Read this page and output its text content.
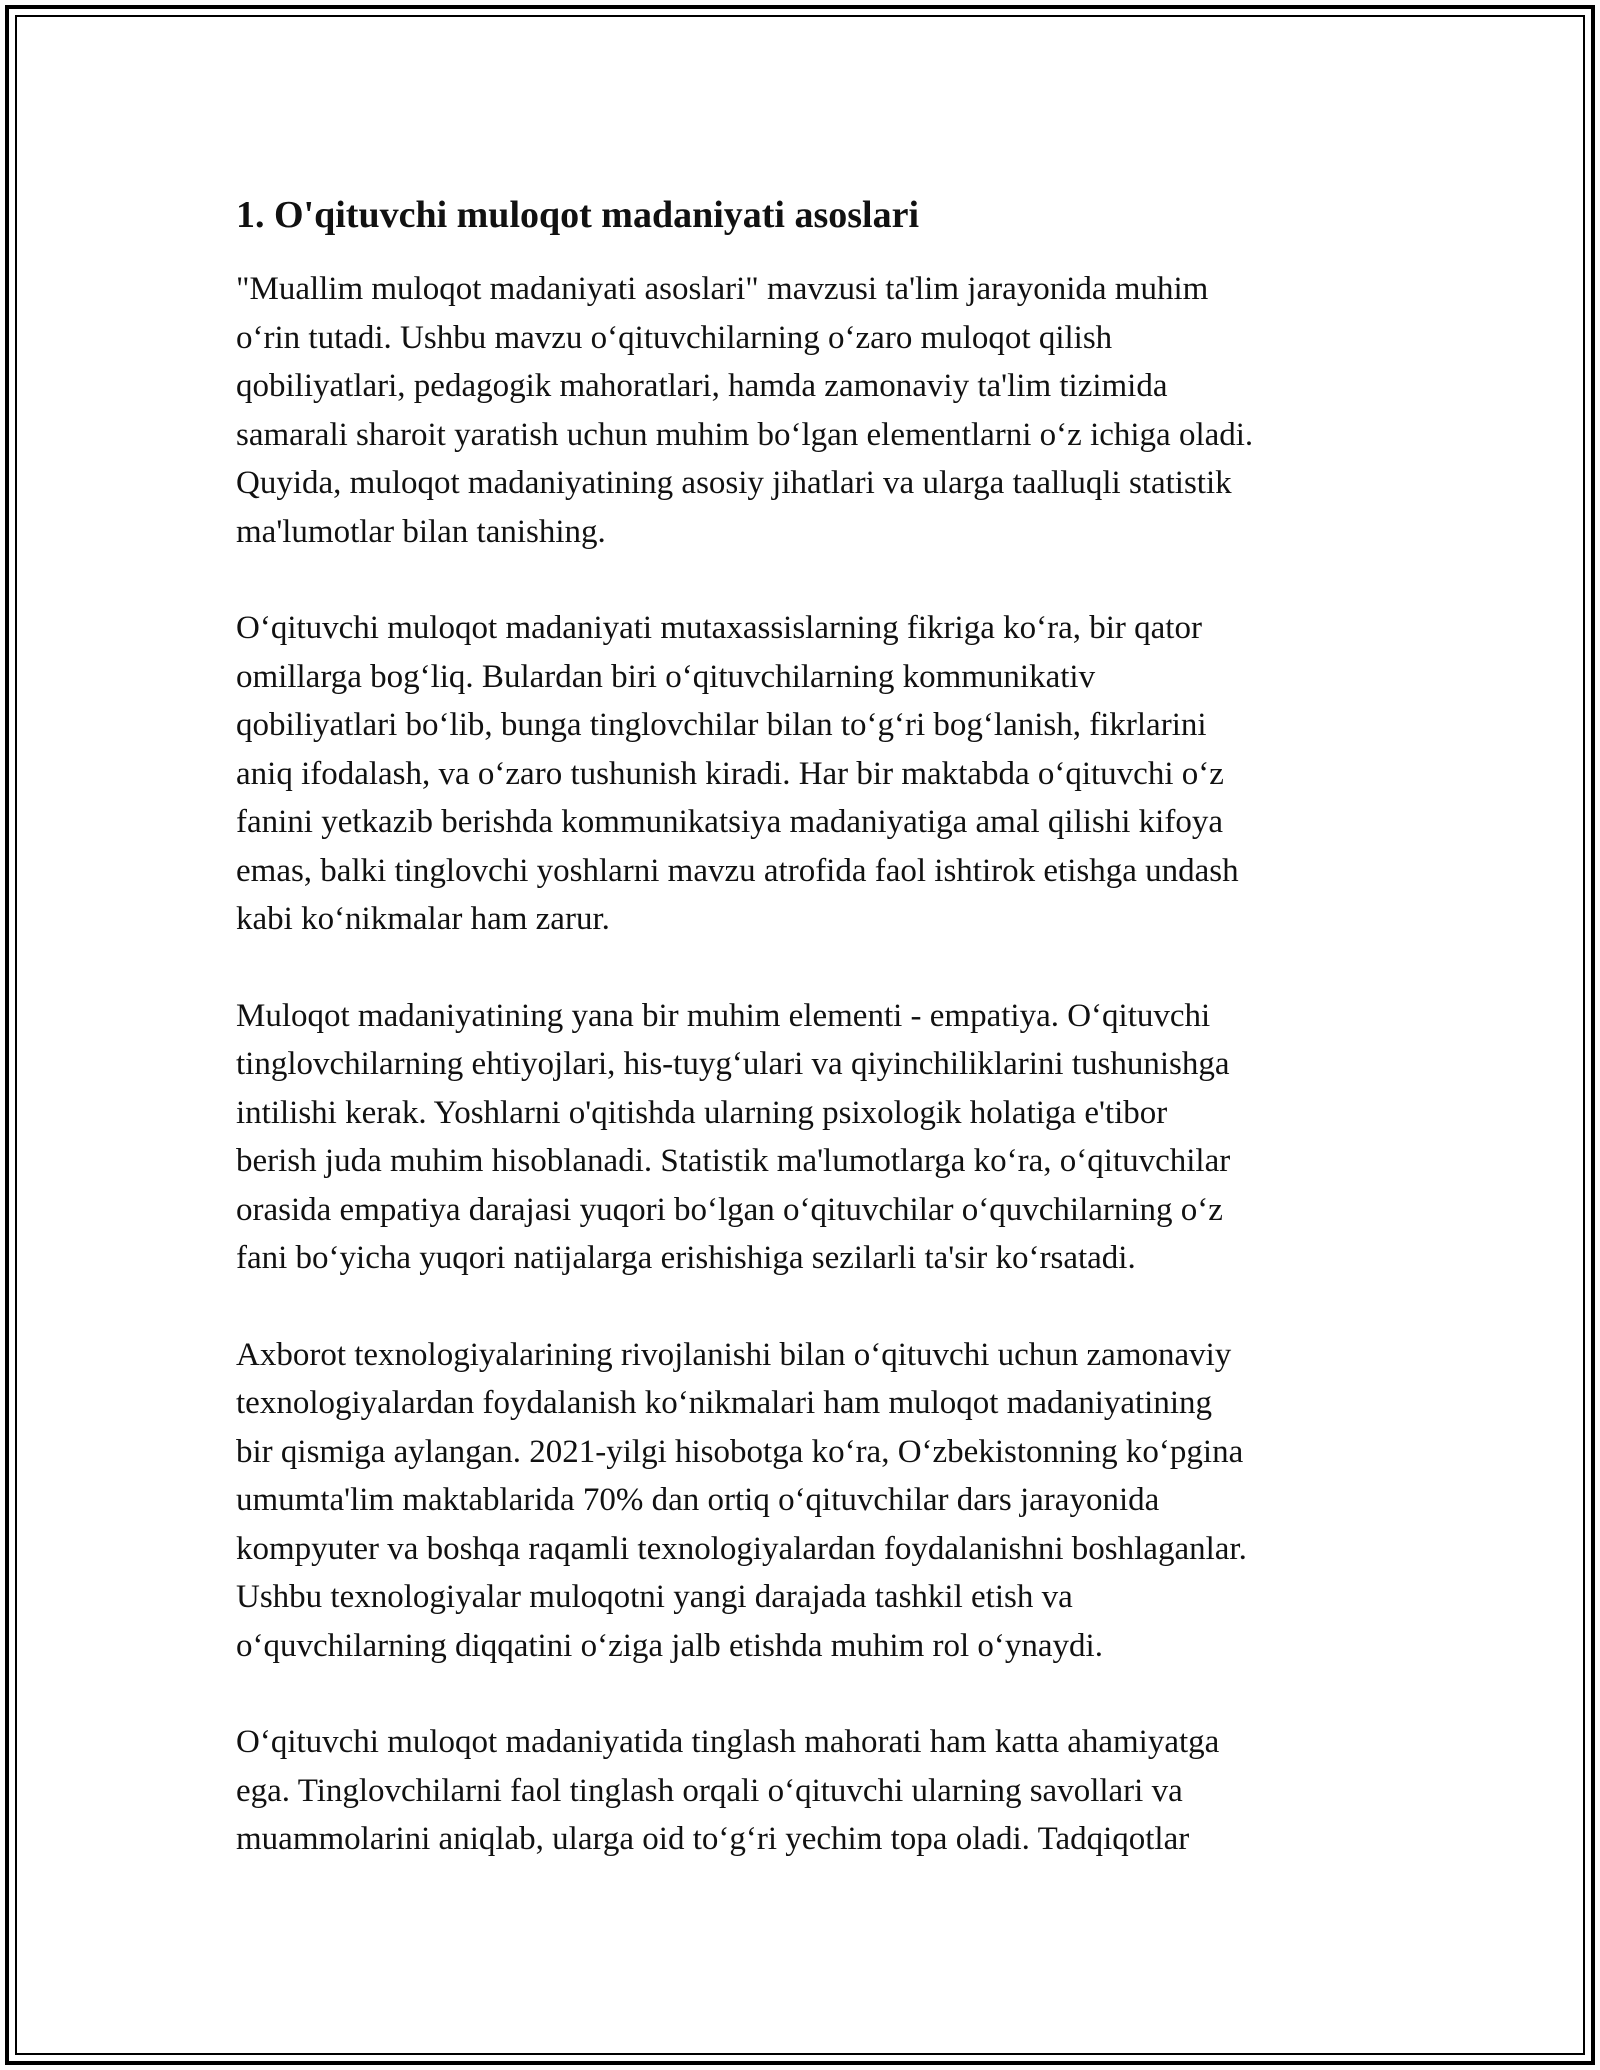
1. O'qituvchi muloqot madaniyati asoslari

"Muallim muloqot madaniyati asoslari" mavzusi ta'lim jarayonida muhim
o‘rin tutadi. Ushbu mavzu o‘qituvchilarning o‘zaro muloqot qilish
qobiliyatlari, pedagogik mahoratlari, hamda zamonaviy ta'lim tizimida
samarali sharoit yaratish uchun muhim bo‘lgan elementlarni o‘z ichiga oladi.
Quyida, muloqot madaniyatining asosiy jihatlari va ularga taalluqli statistik
ma'lumotlar bilan tanishing.

O‘qituvchi muloqot madaniyati mutaxassislarning fikriga ko‘ra, bir qator
omillarga bog‘liq. Bulardan biri o‘qituvchilarning kommunikativ
qobiliyatlari bo‘lib, bunga tinglovchilar bilan to‘g‘ri bog‘lanish, fikrlarini
aniq ifodalash, va o‘zaro tushunish kiradi. Har bir maktabda o‘qituvchi o‘z
fanini yetkazib berishda kommunikatsiya madaniyatiga amal qilishi kifoya
emas, balki tinglovchi yoshlarni mavzu atrofida faol ishtirok etishga undash
kabi ko‘nikmalar ham zarur.

Muloqot madaniyatining yana bir muhim elementi - empatiya. O‘qituvchi
tinglovchilarning ehtiyojlari, his-tuyg‘ulari va qiyinchiliklarini tushunishga
intilishi kerak. Yoshlarni o'qitishda ularning psixologik holatiga e'tibor
berish juda muhim hisoblanadi. Statistik ma'lumotlarga ko‘ra, o‘qituvchilar
orasida empatiya darajasi yuqori bo‘lgan o‘qituvchilar o‘quvchilarning o‘z
fani bo‘yicha yuqori natijalarga erishishiga sezilarli ta'sir ko‘rsatadi.

Axborot texnologiyalarining rivojlanishi bilan o‘qituvchi uchun zamonaviy
texnologiyalardan foydalanish ko‘nikmalari ham muloqot madaniyatining
bir qismiga aylangan. 2021-yilgi hisobotga ko‘ra, O‘zbekistonning ko‘pgina
umumta'lim maktablarida 70% dan ortiq o‘qituvchilar dars jarayonida
kompyuter va boshqa raqamli texnologiyalardan foydalanishni boshlaganlar.
Ushbu texnologiyalar muloqotni yangi darajada tashkil etish va
o‘quvchilarning diqqatini o‘ziga jalb etishda muhim rol o‘ynaydi.

O‘qituvchi muloqot madaniyatida tinglash mahorati ham katta ahamiyatga
ega. Tinglovchilarni faol tinglash orqali o‘qituvchi ularning savollari va
muammolarini aniqlab, ularga oid to‘g‘ri yechim topa oladi. Tadqiqotlar
